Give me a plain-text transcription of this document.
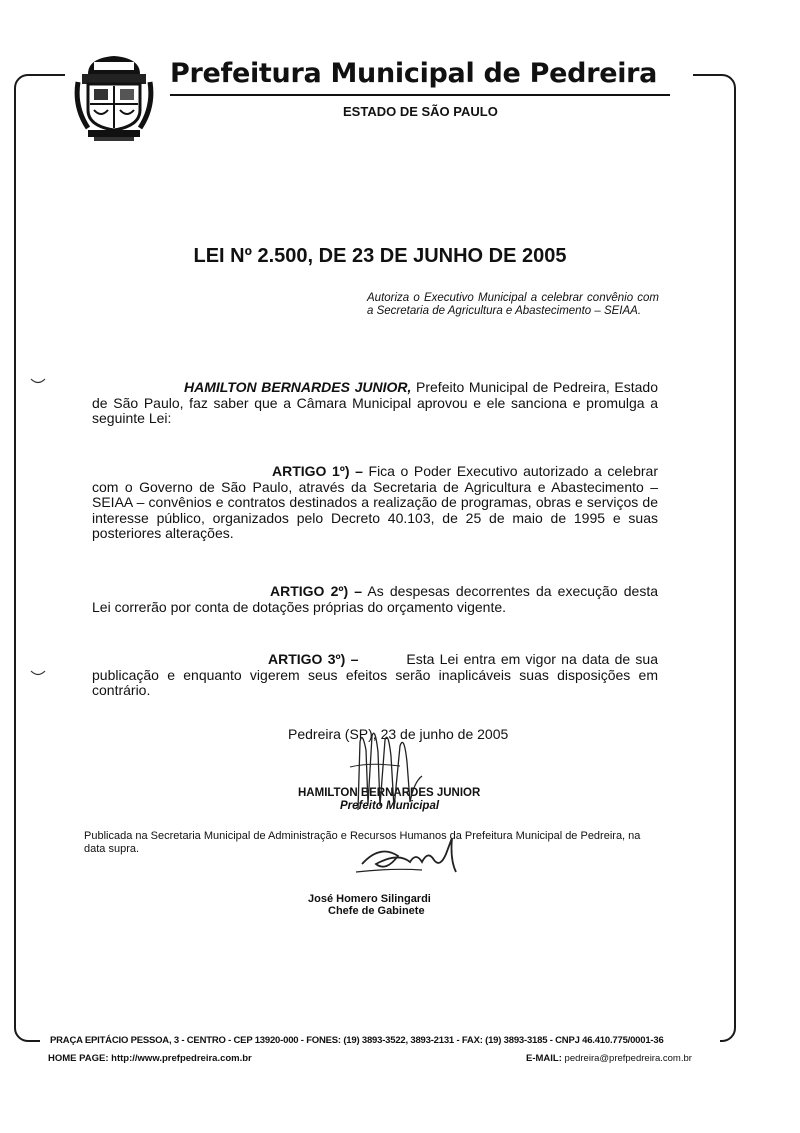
Prefeitura Municipal de Pedreira
ESTADO DE SÃO PAULO
LEI Nº 2.500, DE 23 DE JUNHO DE 2005
Autoriza o Executivo Municipal a celebrar convênio com a Secretaria de Agricultura e Abastecimento – SEIAA.
HAMILTON BERNARDES JUNIOR, Prefeito Municipal de Pedreira, Estado de São Paulo, faz saber que a Câmara Municipal aprovou e ele sanciona e promulga a seguinte Lei:
ARTIGO 1º) – Fica o Poder Executivo autorizado a celebrar com o Governo de São Paulo, através da Secretaria de Agricultura e Abastecimento – SEIAA – convênios e contratos destinados a realização de programas, obras e serviços de interesse público, organizados pelo Decreto 40.103, de 25 de maio de 1995 e suas posteriores alterações.
ARTIGO 2º) – As despesas decorrentes da execução desta Lei correrão por conta de dotações próprias do orçamento vigente.
ARTIGO 3º) –	Esta Lei entra em vigor na data de sua publicação e enquanto vigerem seus efeitos serão inaplicáveis suas disposições em contrário.
Pedreira (SP), 23 de junho de 2005
HAMILTON BERNARDES JUNIOR
Prefeito Municipal
Publicada na Secretaria Municipal de Administração e Recursos Humanos da Prefeitura Municipal de Pedreira, na data supra.
José Homero Silingardi
Chefe de Gabinete
PRAÇA EPITÁCIO PESSOA, 3 - CENTRO - CEP 13920-000 - FONES: (19) 3893-3522, 3893-2131 - FAX: (19) 3893-3185 - CNPJ 46.410.775/0001-36
HOME PAGE: http://www.prefpedreira.com.br	E-MAIL: pedreira@prefpedreira.com.br
